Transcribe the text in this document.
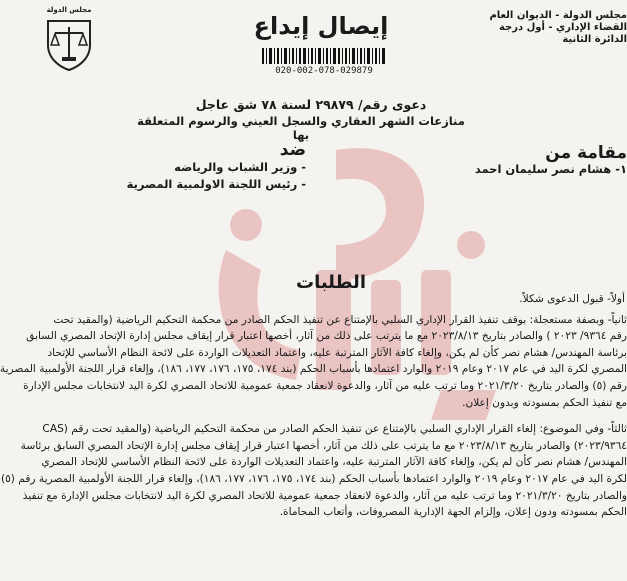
مجلس الدولة - الديوان العام
القضاء الإداري - أول درجة
الدائرة الثانية
مجلس الدولة
إيصال إيداع
020-002-078-029879
دعوى رقم/ ٢٩٨٧٩ لسنة ٧٨ شق عاجل
منازعات الشهر العقاري والسجل العيني والرسوم المتعلقة بها
مقامة من
١- هشام نصر سليمان احمد
ضد
- وزير الشباب والرياضه
- رئيس اللجنة الاولمبية المصرية
الطلبات
أولاً- قبول الدعوى شكلاً.
ثانياً- وبصفة مستعجلة: بوقف تنفيذ القرار الإداري السلبي بالإمتناع عن تنفيذ الحكم الصادر من محكمة التحكيم الرياضية (والمقيد تحت
رقم ٩٣٦٤/ ٢٠٢٣ ) والصادر بتاريخ ٢٠٢٣/٨/١٣ مع ما يترتب على ذلك من آثار، أخصها اعتبار قرار إيقاف مجلس إدارة الإتحاد المصري السابق
برئاسة المهندس/ هشام نصر كأن لم يكن، وإلغاء كافة الآثار المترتبة عليه، واعتماد التعديلات الواردة على لائحة النظام الأساسي للإتحاد
المصري لكرة اليد في عام ٢٠١٧ وعام ٢٠١٩ والوارد اعتمادها بأسباب الحكم (بند ١٧٤، ١٧٥، ١٧٦، ١٧٧، ١٨٦)، وإلغاء قرار اللجنة الأولمبية المصرية
رقم (٥) والصادر بتاريخ ٢٠٢١/٣/٢٠ وما ترتب عليه من آثار، والدعوة لانعقاد جمعية عمومية للاتحاد المصري لكرة اليد لانتخابات مجلس الإدارة
مع تنفيذ الحكم بمسودته وبدون إعلان.
ثالثاً- وفي الموضوع: إلغاء القرار الإداري السلبي بالإمتناع عن تنفيذ الحكم الصادر من محكمة التحكيم الرياضية (والمقيد تحت رقم (CAS
٢٠٢٣/٩٣٦٤) والصادر بتاريخ ٢٠٢٣/٨/١٣ مع ما يترتب على ذلك من آثار، أخصها اعتبار قرار إيقاف مجلس إدارة الإتحاد المصري السابق برئاسة
المهندس/ هشام نصر كأن لم يكن، وإلغاء كافة الآثار المترتبة عليه، واعتماد التعديلات الواردة على لائحة النظام الأساسي للإتحاد المصري
لكرة اليد في عام ٢٠١٧ وعام ٢٠١٩ والوارد اعتمادها بأسباب الحكم (بند ١٧٤، ١٧٥، ١٧٦، ١٧٧، ١٨٦)، وإلغاء قرار اللجنة الأولمبية المصرية رقم (٥)
والصادر بتاريخ ٢٠٢١/٣/٢٠ وما ترتب عليه من آثار، والدعوة لانعقاد جمعية عمومية للاتحاد المصري لكرة اليد لانتخابات مجلس الإدارة مع تنفيذ
الحكم بمسودته ودون إعلان، وإلزام الجهة الإدارية المصروفات، وأتعاب المحاماة.
